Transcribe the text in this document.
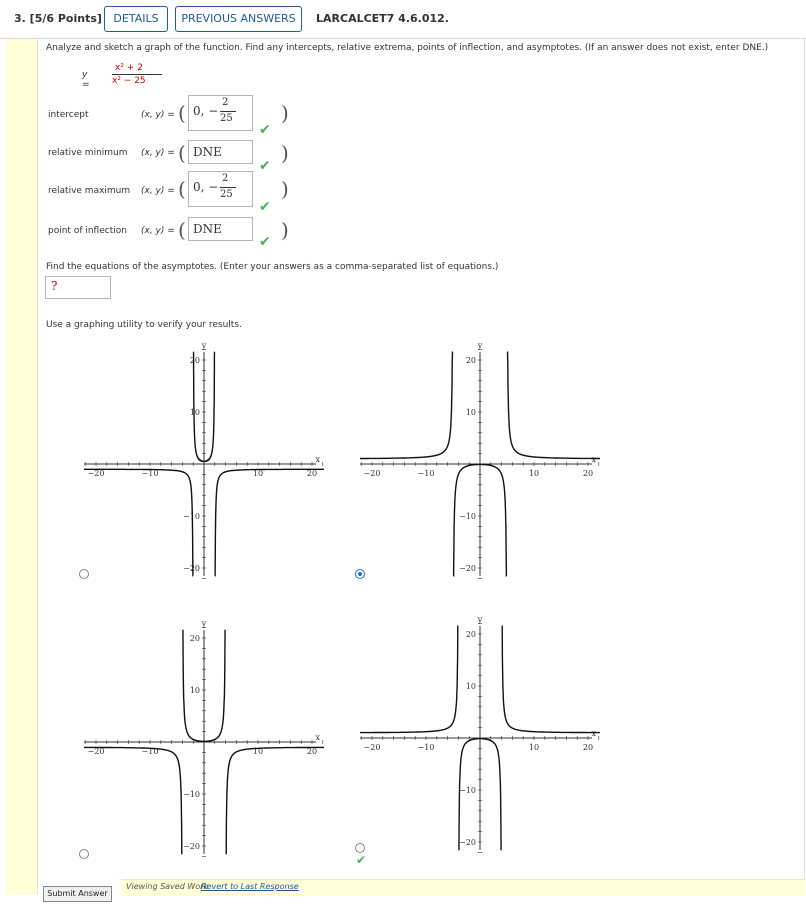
3. [5/6 Points]	DETAILS	PREVIOUS ANSWERS	LARCALCET7 4.6.012.
Analyze and sketch a graph of the function. Find any intercepts, relative extrema, points of inflection, and asymptotes. (If an answer does not exist, enter DNE.)
y =
x² + 2
x² − 25
intercept	(x, y) = ( 0, −
2
25
✔
)
relative minimum (x, y) = ( DNE
✔
)
relative maximum (x, y) = ( 0, −
2
25
✔
)
point of inflection (x, y) = ( DNE
✔ )
Find the equations of the asymptotes. (Enter your answers as a comma-separated list of equations.)
?
Use a graphing utility to verify your results.
−20	−10	10	20
20
10
−10
−20
x
y
−20	−10	10	20
20
10
−10
−20
x
y
−20	−10	10	20
20
10
−10
−20
x
y
−20	−10	10	20
20
10
−10
−20
x
y
✔
Viewing Saved Work
Revert to Last Response
Submit Answer
